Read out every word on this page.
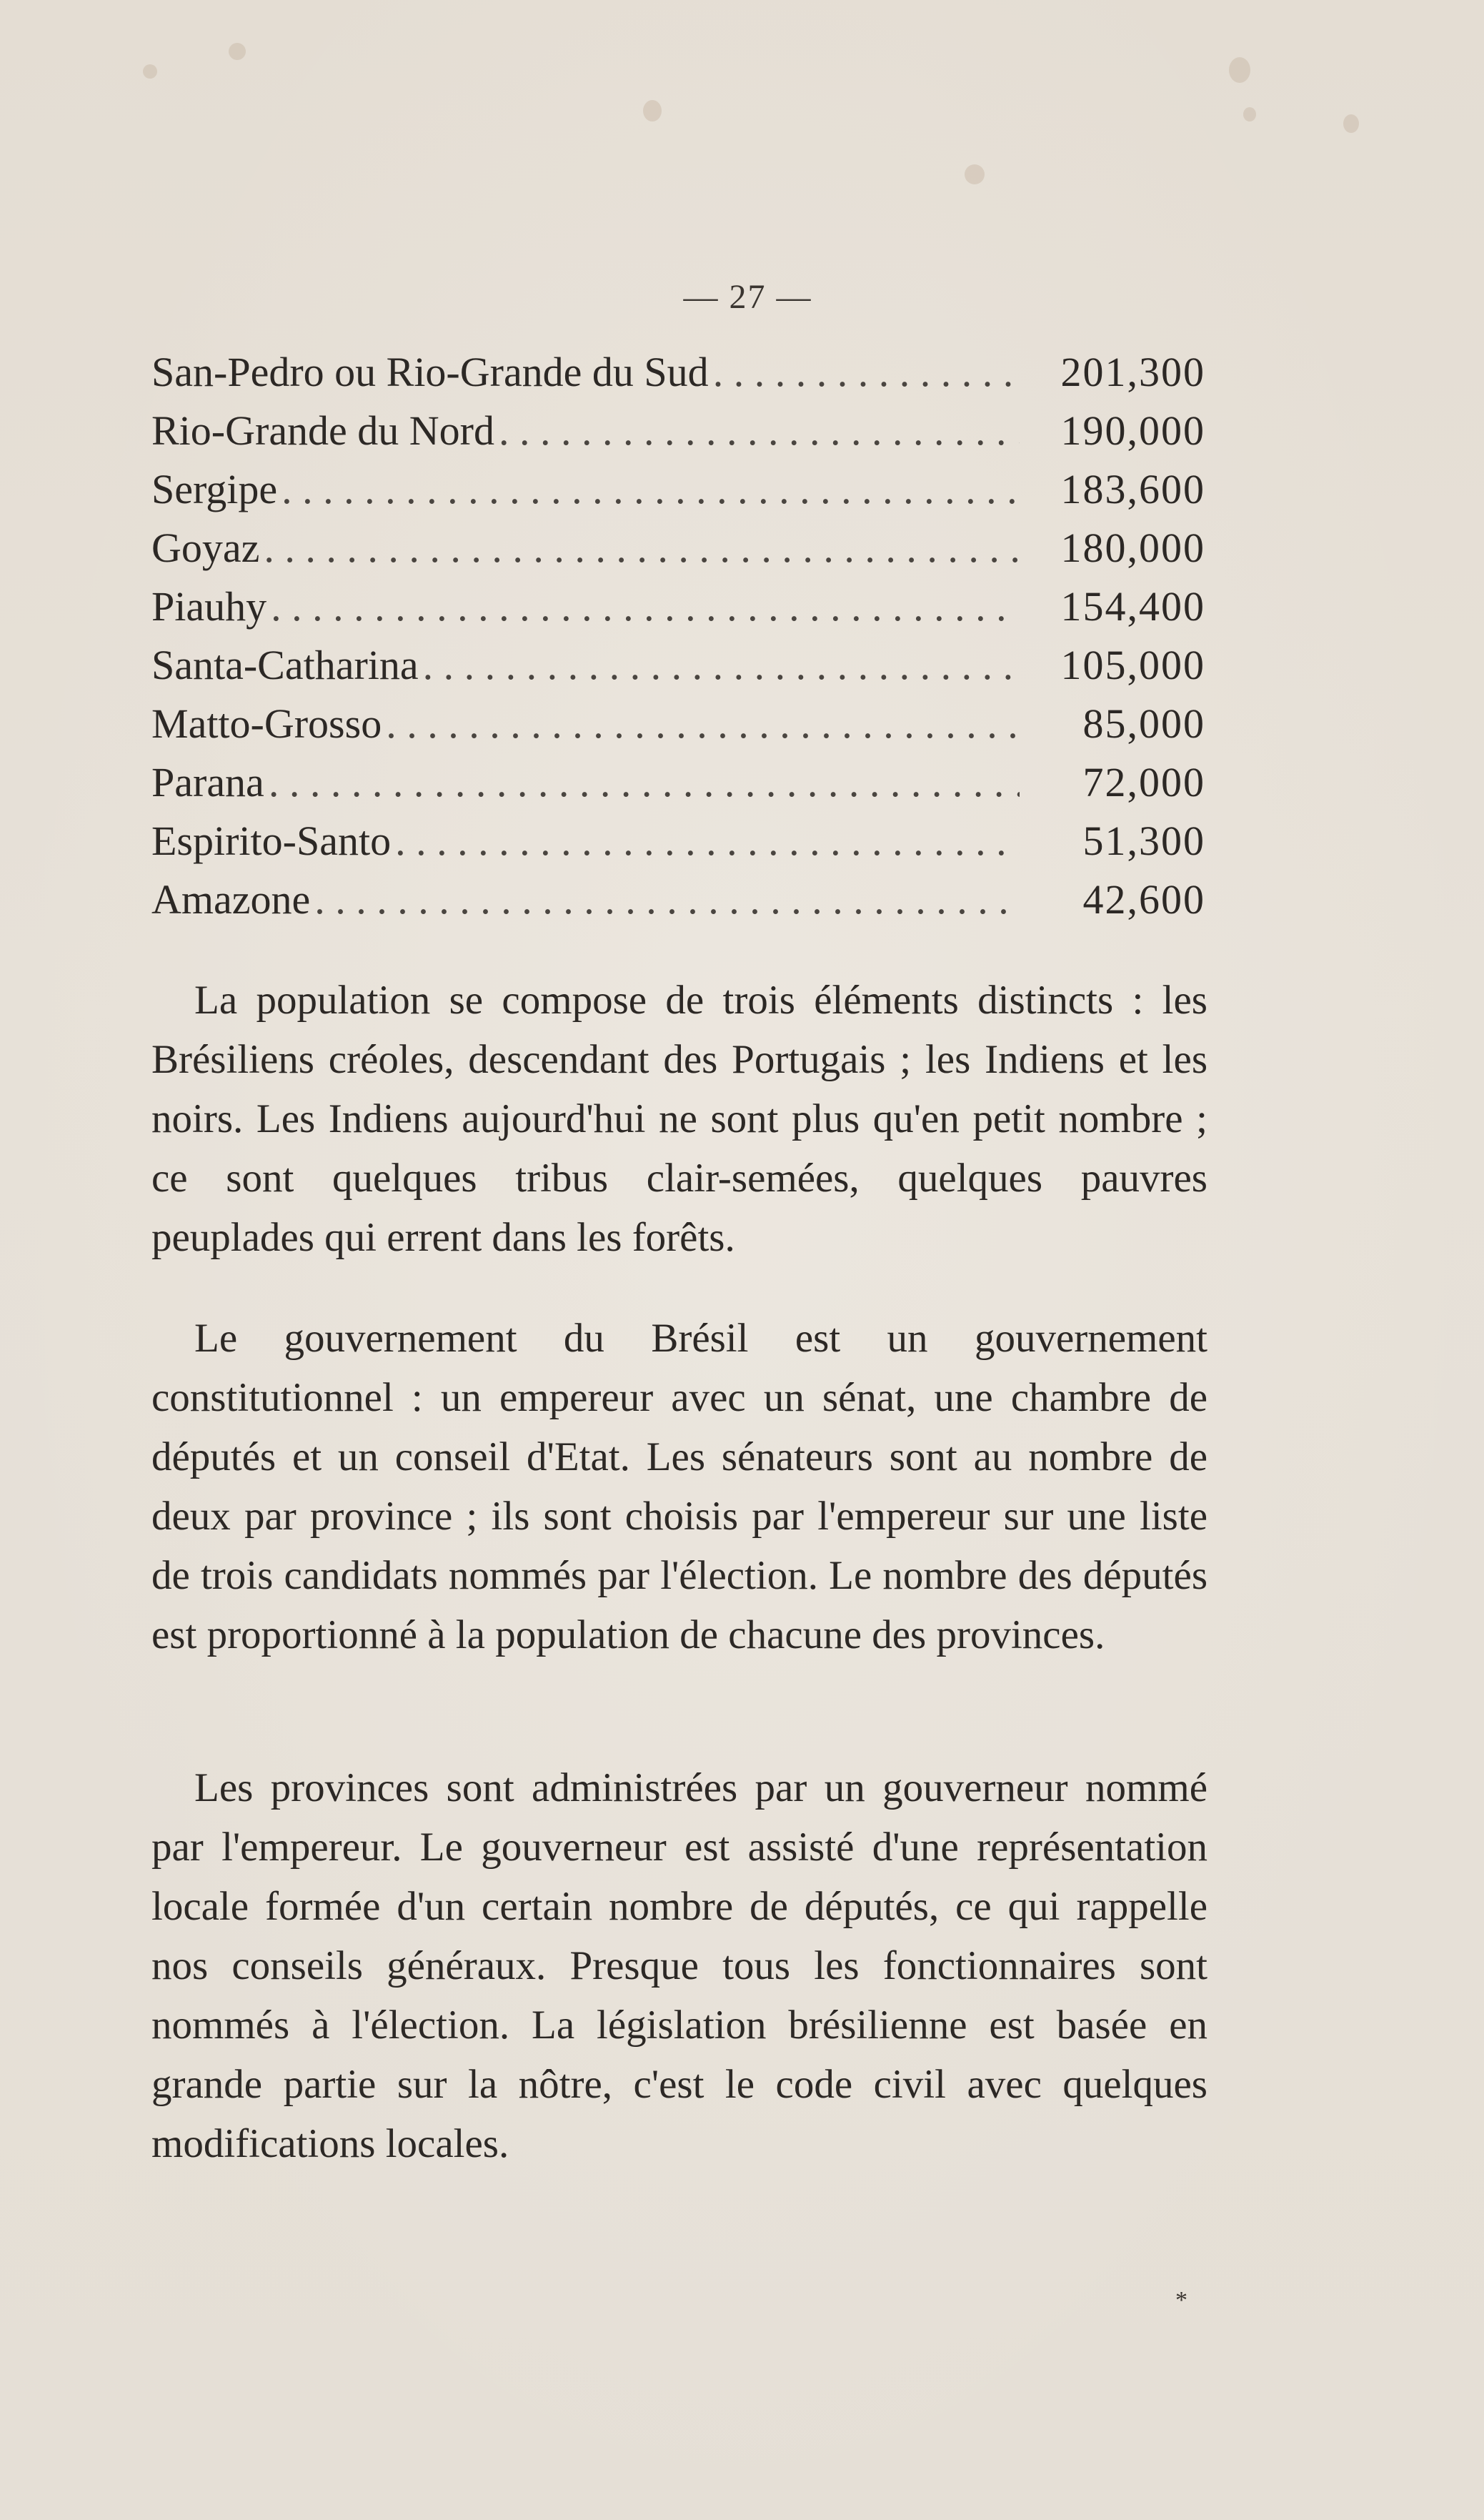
— 27 —
San-Pedro ou Rio-Grande du Sud . . .	201,300
Rio-Grande du Nord . . .	190,000
Sergipe . . .	183,600
Goyaz . . .	180,000
Piauhy . . .	154,400
Santa-Catharina . . .	105,000
Matto-Grosso . . .	85,000
Parana . . .	72,000
Espirito-Santo . . .	51,300
Amazone . . .	42,600

La population se compose de trois éléments distincts : les Brésiliens créoles, descendant des Portugais ; les Indiens et les noirs. Les Indiens aujourd'hui ne sont plus qu'en petit nombre ; ce sont quelques tribus clair-semées, quelques pauvres peuplades qui errent dans les forêts.

Le gouvernement du Brésil est un gouvernement constitutionnel : un empereur avec un sénat, une chambre de députés et un conseil d'Etat. Les sénateurs sont au nombre de deux par province ; ils sont choisis par l'empereur sur une liste de trois candidats nommés par l'élection. Le nombre des députés est proportionné à la population de chacune des provinces.

Les provinces sont administrées par un gouverneur nommé par l'empereur. Le gouverneur est assisté d'une représentation locale formée d'un certain nombre de députés, ce qui rappelle nos conseils généraux. Presque tous les fonctionnaires sont nommés à l'élection. La législation brésilienne est basée en grande partie sur la nôtre, c'est le code civil avec quelques modifications locales.

*
